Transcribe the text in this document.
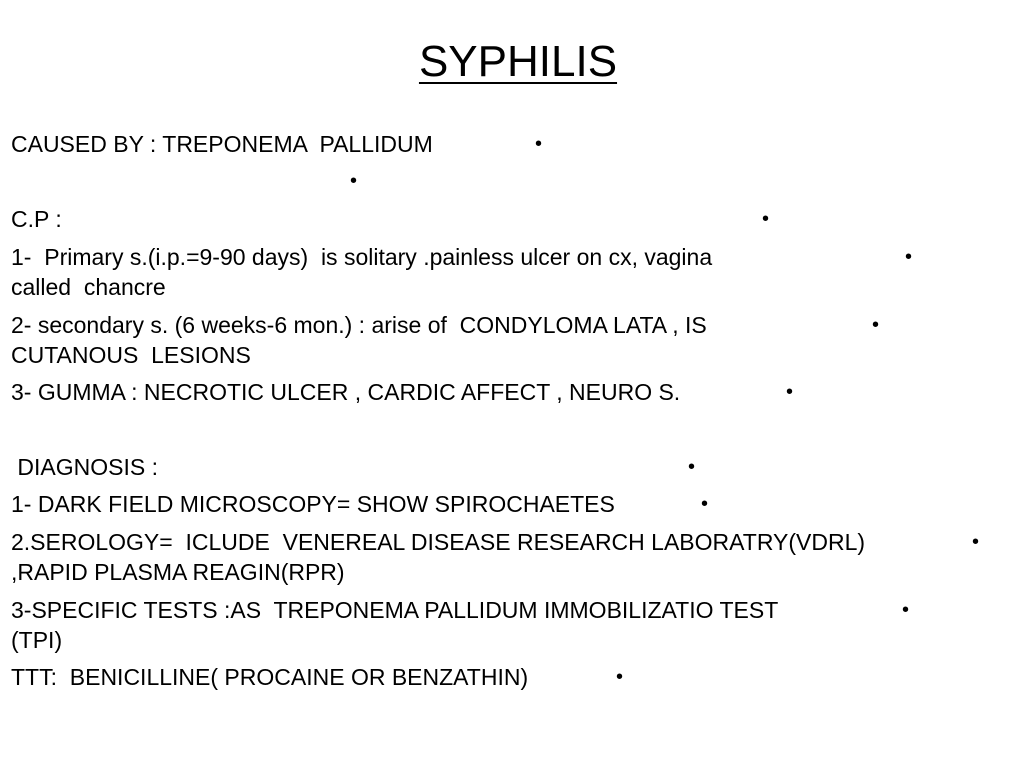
SYPHILIS
CAUSED BY : TREPONEMA  PALLIDUM	•
•
C.P :	•
1-  Primary s.(i.p.=9-90 days)  is solitary .painless ulcer on cx, vagina
called  chancre
•
2- secondary s. (6 weeks-6 mon.) : arise of  CONDYLOMA LATA , IS
CUTANOUS  LESIONS
•
3- GUMMA : NECROTIC ULCER , CARDIC AFFECT , NEURO S.	•
DIAGNOSIS :	•
1- DARK FIELD MICROSCOPY= SHOW SPIROCHAETES	•
2.SEROLOGY=  ICLUDE  VENEREAL DISEASE RESEARCH LABORATRY(VDRL)
,RAPID PLASMA REAGIN(RPR)
•
3-SPECIFIC TESTS :AS  TREPONEMA PALLIDUM IMMOBILIZATIO TEST
(TPI)
•
TTT:  BENICILLINE( PROCAINE OR BENZATHIN)	•
